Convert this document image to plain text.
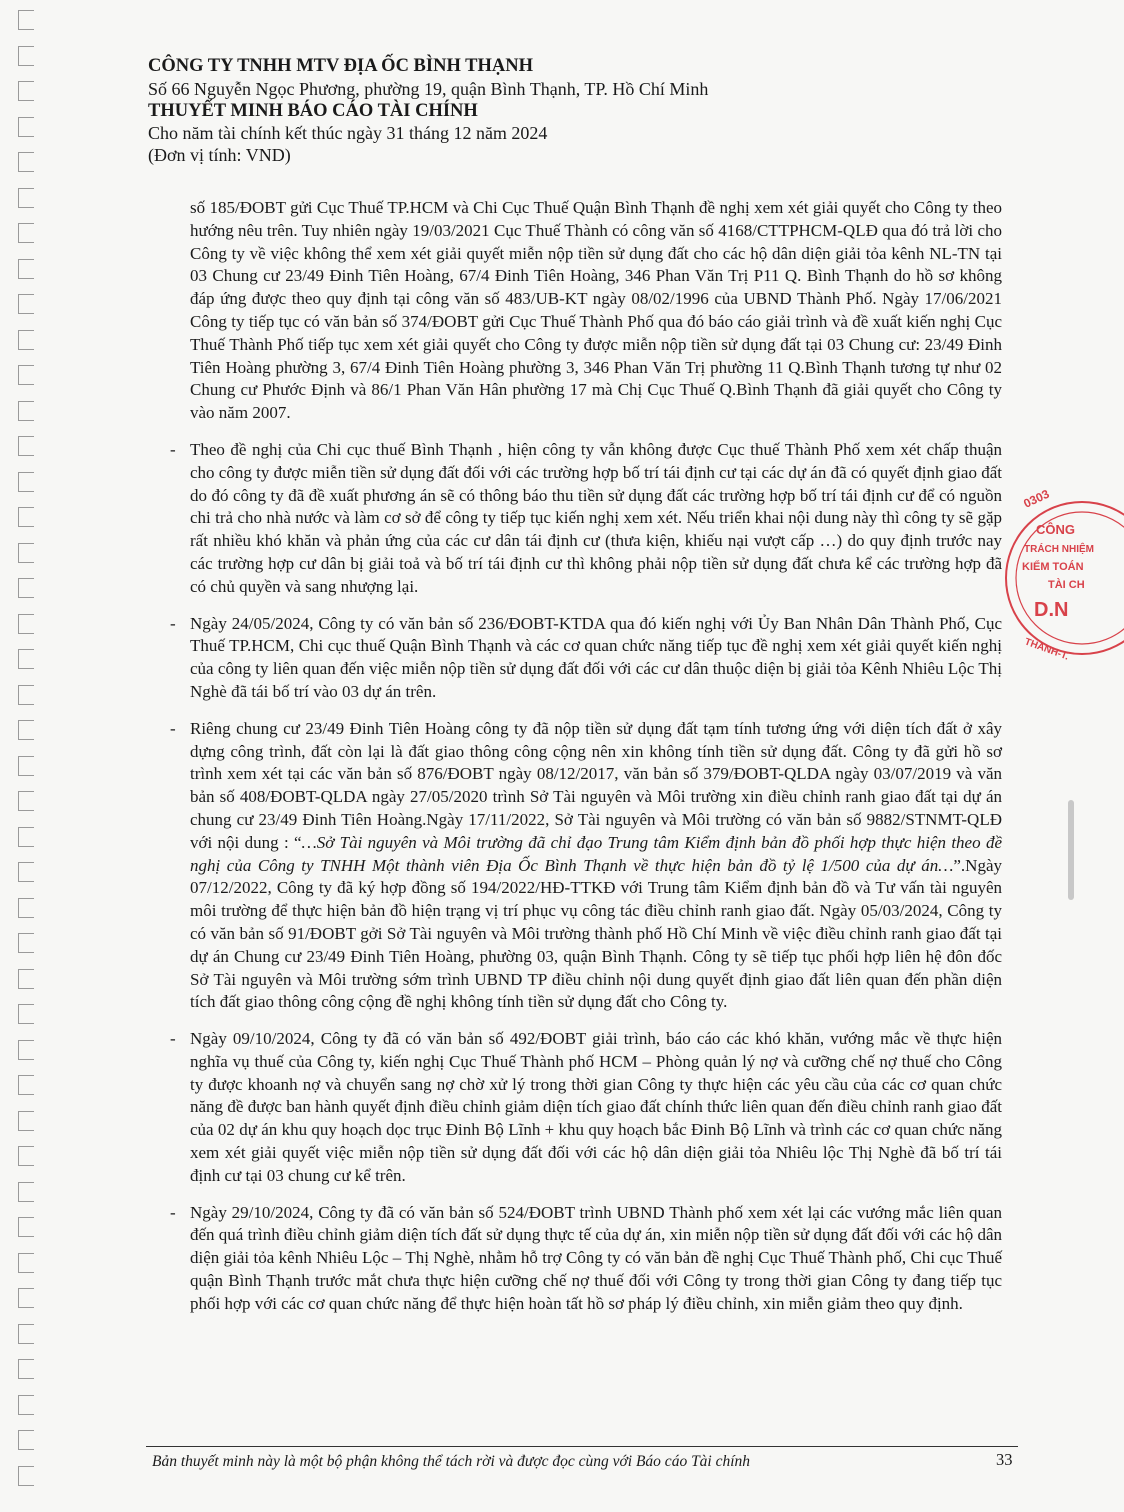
CÔNG TY TNHH MTV ĐỊA ỐC BÌNH THẠNH
Số 66 Nguyễn Ngọc Phương, phường 19, quận Bình Thạnh, TP. Hồ Chí Minh
THUYẾT MINH BÁO CÁO TÀI CHÍNH
Cho năm tài chính kết thúc ngày 31 tháng 12 năm 2024
(Đơn vị tính: VND)

số 185/ĐOBT gửi Cục Thuế TP.HCM và Chi Cục Thuế Quận Bình Thạnh đề nghị xem xét giải quyết cho Công ty theo hướng nêu trên. Tuy nhiên ngày 19/03/2021 Cục Thuế Thành có công văn số 4168/CTTPHCM-QLĐ qua đó trả lời cho Công ty về việc không thể xem xét giải quyết miễn nộp tiền sử dụng đất cho các hộ dân diện giải tỏa kênh NL-TN tại 03 Chung cư 23/49 Đinh Tiên Hoàng, 67/4 Đinh Tiên Hoàng, 346 Phan Văn Trị P11 Q. Bình Thạnh do hồ sơ không đáp ứng được theo quy định tại công văn số 483/UB-KT ngày 08/02/1996 của UBND Thành Phố. Ngày 17/06/2021 Công ty tiếp tục có văn bản số 374/ĐOBT gửi Cục Thuế Thành Phố qua đó báo cáo giải trình và đề xuất kiến nghị Cục Thuế Thành Phố tiếp tục xem xét giải quyết cho Công ty được miễn nộp tiền sử dụng đất tại 03 Chung cư: 23/49 Đinh Tiên Hoàng phường 3, 67/4 Đinh Tiên Hoàng phường 3, 346 Phan Văn Trị phường 11 Q.Bình Thạnh tương tự như 02 Chung cư Phước Định và 86/1 Phan Văn Hân phường 17 mà Chị Cục Thuế Q.Bình Thạnh đã giải quyết cho Công ty vào năm 2007.

- Theo đề nghị của Chi cục thuế Bình Thạnh , hiện công ty vẫn không được Cục thuế Thành Phố xem xét chấp thuận cho công ty được miễn tiền sử dụng đất đối với các trường hợp bố trí tái định cư tại các dự án đã có quyết định giao đất do đó công ty đã đề xuất phương án sẽ có thông báo thu tiền sử dụng đất các trường hợp bố trí tái định cư để có nguồn chi trả cho nhà nước và làm cơ sở để công ty tiếp tục kiến nghị xem xét. Nếu triển khai nội dung này thì công ty sẽ gặp rất nhiều khó khăn và phản ứng của các cư dân tái định cư (thưa kiện, khiếu nại vượt cấp …) do quy định trước nay các trường hợp cư dân bị giải toả và bố trí tái định cư thì không phải nộp tiền sử dụng đất chưa kể các trường hợp đã có chủ quyền và sang nhượng lại.

- Ngày 24/05/2024, Công ty có văn bản số 236/ĐOBT-KTDA qua đó kiến nghị với Ủy Ban Nhân Dân Thành Phố, Cục Thuế TP.HCM, Chi cục thuế Quận Bình Thạnh và các cơ quan chức năng tiếp tục đề nghị xem xét giải quyết kiến nghị của công ty liên quan đến việc miễn nộp tiền sử dụng đất đối với các cư dân thuộc diện bị giải tỏa Kênh Nhiêu Lộc Thị Nghè đã tái bố trí vào 03 dự án trên.

- Riêng chung cư 23/49 Đinh Tiên Hoàng công ty đã nộp tiền sử dụng đất tạm tính tương ứng với diện tích đất ở xây dựng công trình, đất còn lại là đất giao thông công cộng nên xin không tính tiền sử dụng đất. Công ty đã gửi hồ sơ trình xem xét tại các văn bản số 876/ĐOBT ngày 08/12/2017, văn bản số 379/ĐOBT-QLDA ngày 03/07/2019 và văn bản số 408/ĐOBT-QLDA ngày 27/05/2020 trình Sở Tài nguyên và Môi trường xin điều chỉnh ranh giao đất tại dự án chung cư 23/49 Đinh Tiên Hoàng.Ngày 17/11/2022, Sở Tài nguyên và Môi trường có văn bản số 9882/STNMT-QLĐ với nội dung : “…Sở Tài nguyên và Môi trường đã chỉ đạo Trung tâm Kiểm định bản đồ phối hợp thực hiện theo đề nghị của Công ty TNHH Một thành viên Địa Ốc Bình Thạnh về thực hiện bản đồ tỷ lệ 1/500 của dự án…”.Ngày 07/12/2022, Công ty đã ký hợp đồng số 194/2022/HĐ-TTKĐ với Trung tâm Kiểm định bản đồ và Tư vấn tài nguyên môi trường để thực hiện bản đồ hiện trạng vị trí phục vụ công tác điều chỉnh ranh giao đất. Ngày 05/03/2024, Công ty có văn bản số 91/ĐOBT gởi Sở Tài nguyên và Môi trường thành phố Hồ Chí Minh về việc điều chỉnh ranh giao đất tại dự án Chung cư 23/49 Đinh Tiên Hoàng, phường 03, quận Bình Thạnh. Công ty sẽ tiếp tục phối hợp liên hệ đôn đốc Sở Tài nguyên và Môi trường sớm trình UBND TP điều chỉnh nội dung quyết định giao đất liên quan đến phần diện tích đất giao thông công cộng đề nghị không tính tiền sử dụng đất cho Công ty.

- Ngày 09/10/2024, Công ty đã có văn bản số 492/ĐOBT giải trình, báo cáo các khó khăn, vướng mắc về thực hiện nghĩa vụ thuế của Công ty, kiến nghị Cục Thuế Thành phố HCM – Phòng quản lý nợ và cưỡng chế nợ thuế cho Công ty được khoanh nợ và chuyển sang nợ chờ xử lý trong thời gian Công ty thực hiện các yêu cầu của các cơ quan chức năng đề được ban hành quyết định điều chỉnh giảm diện tích giao đất chính thức liên quan đến điều chỉnh ranh giao đất của 02 dự án khu quy hoạch dọc trục Đinh Bộ Lĩnh + khu quy hoạch bắc Đinh Bộ Lĩnh và trình các cơ quan chức năng xem xét giải quyết việc miễn nộp tiền sử dụng đất đối với các hộ dân diện giải tỏa Nhiêu lộc Thị Nghè đã bố trí tái định cư tại 03 chung cư kể trên.

- Ngày 29/10/2024, Công ty đã có văn bản số 524/ĐOBT trình UBND Thành phố xem xét lại các vướng mắc liên quan đến quá trình điều chỉnh giảm diện tích đất sử dụng thực tế của dự án, xin miễn nộp tiền sử dụng đất đối với các hộ dân diện giải tỏa kênh Nhiêu Lộc – Thị Nghè, nhằm hỗ trợ Công ty có văn bản đề nghị Cục Thuế Thành phố, Chi cục Thuế quận Bình Thạnh trước mắt chưa thực hiện cưỡng chế nợ thuế đối với Công ty trong thời gian Công ty đang tiếp tục phối hợp với các cơ quan chức năng để thực hiện hoàn tất hồ sơ pháp lý điều chỉnh, xin miễn giảm theo quy định.

0303
CÔNG
TRÁCH NHIỆM
KIỂM TOÁN
TÀI CH
D.N
THANH-T.
Bản thuyết minh này là một bộ phận không thể tách rời và được đọc cùng với Báo cáo Tài chính	33
